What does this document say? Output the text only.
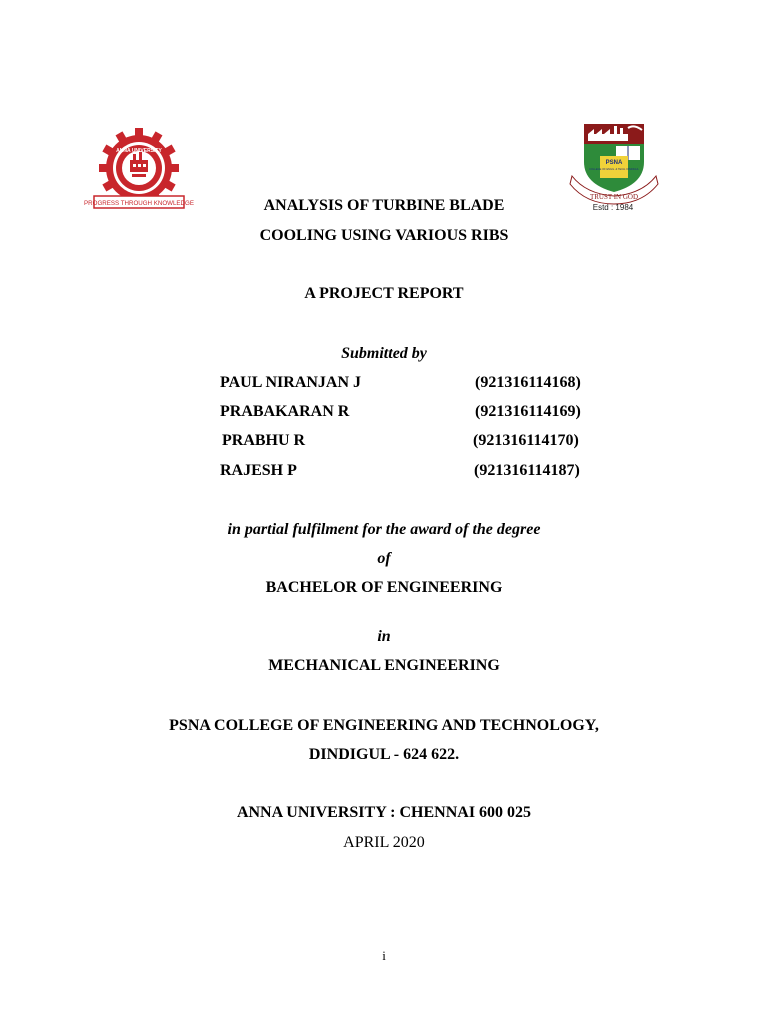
ANNA UNIVERSITY
PROGRESS THROUGH KNOWLEDGE
PSNA
COLLEGE OF ENGG. & TECH. DINDIGUL
TRUST IN GOD
Estd : 1984
ANALYSIS OF TURBINE BLADE
COOLING USING VARIOUS RIBS
A PROJECT REPORT
Submitted by
PAUL NIRANJAN J	(921316114168)
PRABAKARAN R	(921316114169)
PRABHU R	(921316114170)
RAJESH P	(921316114187)
in partial fulfilment for the award of the degree
of
BACHELOR OF ENGINEERING
in
MECHANICAL ENGINEERING
PSNA COLLEGE OF ENGINEERING AND TECHNOLOGY,
DINDIGUL - 624 622.
ANNA UNIVERSITY : CHENNAI 600 025
APRIL 2020
i
